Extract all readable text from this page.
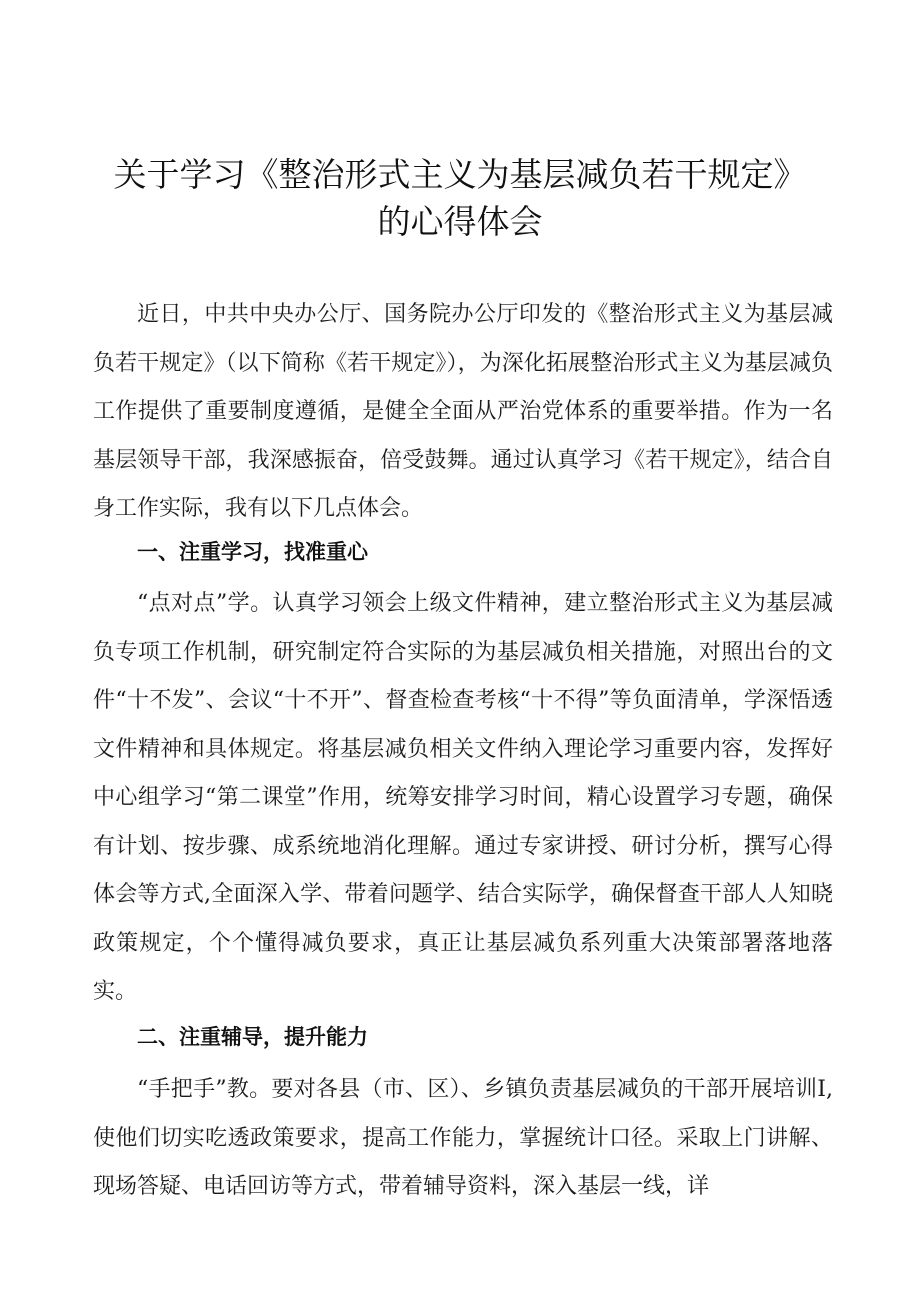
关于学习《整治形式主义为基层减负若干规定》
的心得体会

近日，中共中央办公厅、国务院办公厅印发的《整治形式主义为基层减负若干规定》（以下简称《若干规定》），为深化拓展整治形式主义为基层减负工作提供了重要制度遵循，是健全全面从严治党体系的重要举措。作为一名基层领导干部，我深感振奋，倍受鼓舞。通过认真学习《若干规定》，结合自身工作实际，我有以下几点体会。

一、注重学习，找准重心

“点对点”学。认真学习领会上级文件精神，建立整治形式主义为基层减负专项工作机制，研究制定符合实际的为基层减负相关措施，对照出台的文件“十不发”、会议“十不开”、督查检查考核“十不得”等负面清单，学深悟透文件精神和具体规定。将基层减负相关文件纳入理论学习重要内容，发挥好中心组学习“第二课堂”作用，统筹安排学习时间，精心设置学习专题，确保有计划、按步骤、成系统地消化理解。通过专家讲授、研讨分析，撰写心得体会等方式,全面深入学、带着问题学、结合实际学，确保督查干部人人知晓政策规定，个个懂得减负要求，真正让基层减负系列重大决策部署落地落实。

二、注重辅导，提升能力

“手把手”教。要对各县（市、区）、乡镇负责基层减负的干部开展培训I,使他们切实吃透政策要求，提高工作能力，掌握统计口径。采取上门讲解、现场答疑、电话回访等方式，带着辅导资料，深入基层一线，详
